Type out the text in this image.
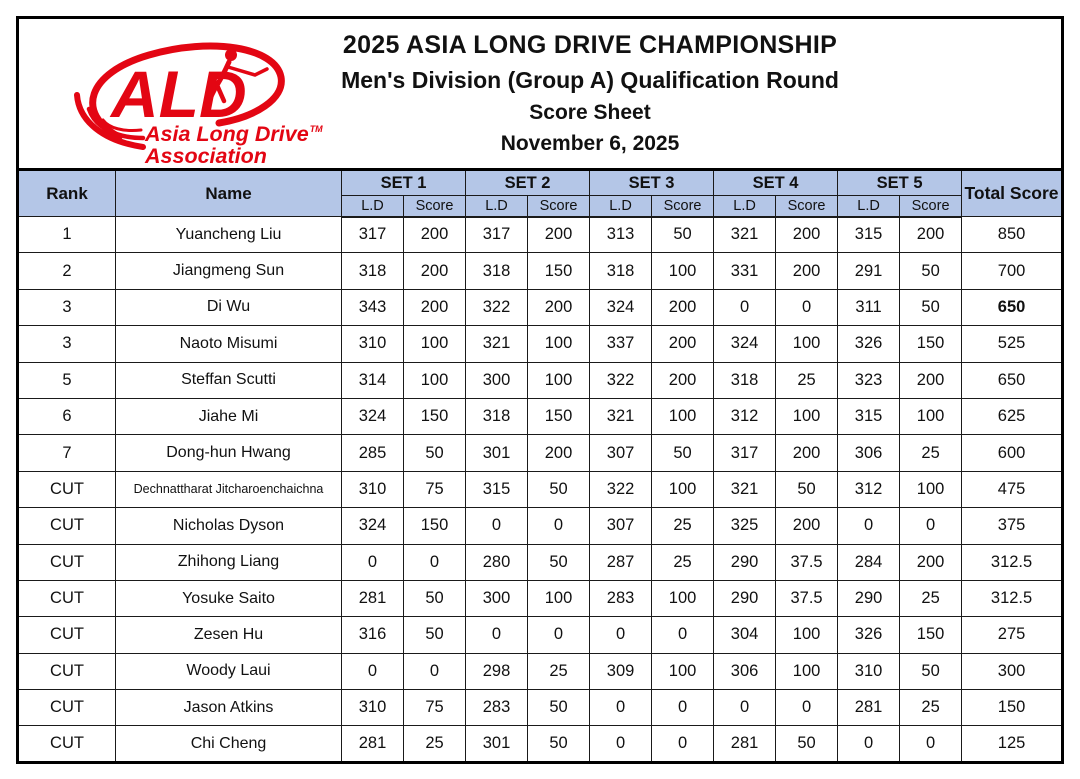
ALD
Asia Long Drive™
Association
2025 ASIA LONG DRIVE CHAMPIONSHIP
Men's Division (Group A) Qualification Round
Score Sheet
November 6, 2025
Rank	Name	SET 1		SET 2		SET 3		SET 4		SET 5		Total Score
		L.D	Score	L.D	Score	L.D	Score	L.D	Score	L.D	Score	
1	Yuancheng Liu	317	200	317	200	313	50	321	200	315	200	850
2	Jiangmeng Sun	318	200	318	150	318	100	331	200	291	50	700
3	Di Wu	343	200	322	200	324	200	0	0	311	50	650
3	Naoto Misumi	310	100	321	100	337	200	324	100	326	150	525
5	Steffan Scutti	314	100	300	100	322	200	318	25	323	200	650
6	Jiahe Mi	324	150	318	150	321	100	312	100	315	100	625
7	Dong-hun Hwang	285	50	301	200	307	50	317	200	306	25	600
CUT	Dechnattharat Jitcharoenchaichna	310	75	315	50	322	100	321	50	312	100	475
CUT	Nicholas Dyson	324	150	0	0	307	25	325	200	0	0	375
CUT	Zhihong Liang	0	0	280	50	287	25	290	37.5	284	200	312.5
CUT	Yosuke Saito	281	50	300	100	283	100	290	37.5	290	25	312.5
CUT	Zesen Hu	316	50	0	0	0	0	304	100	326	150	275
CUT	Woody Laui	0	0	298	25	309	100	306	100	310	50	300
CUT	Jason Atkins	310	75	283	50	0	0	0	0	281	25	150
CUT	Chi Cheng	281	25	301	50	0	0	281	50	0	0	125
